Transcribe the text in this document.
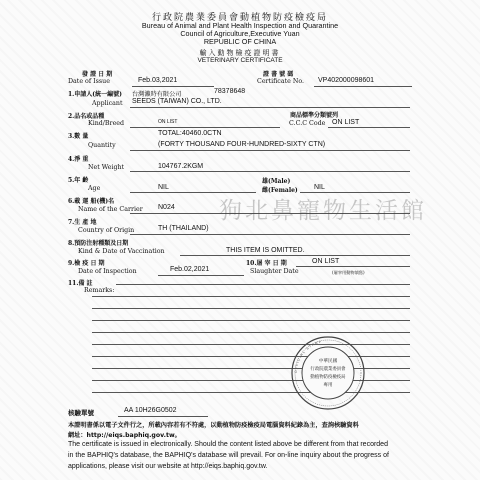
行政院農業委員會動植物防疫檢疫局
Bureau of Animal and Plant Health Inspection and Quarantine
Council of Agriculture,Executive Yuan
REPUBLIC OF CHINA
輸入動物檢疫證明書
VETERINARY CERTIFICATE
發 證 日 期
Date of Issue	Feb.03,2021
證 書 號 碼
Certificate No. VP402000098601
1.申請人(統一編號) 台灣瀨時有限公司	78378648
Applicant SEEDS (TAIWAN) CO., LTD.
2.品名或品種
Kind/Breed	ON LIST
商品標準分類號列
C.C.C Code ON LIST
3.數 量	TOTAL:40460.0CTN
Quantity	(FORTY THOUSAND FOUR-HUNDRED-SIXTY CTN)
4.淨 重
Net Weight	104767.2KGM
5.年 齡
Age	NIL
雄(Male)
雌(Female) NIL
6.載 運 船(機)名
Name of the Carrier N024
7.生 產 地
Country of Origin	TH (THAILAND)
8.預防注射種類及日期
Kind & Date of Vaccination	THIS ITEM IS OMITTED.
9.檢 疫 日 期
Date of Inspection	Feb.02,2021
10.屠 宰 日 期
Slaughter Date
ON LIST
(屠宰用動物填寫)
11.備 註
Remarks:
狗北鼻寵物生活館
OFFICIAL STAMP
中華民國
行政院農業委員會
動植物防疫檢疫局
專用
核驗單號	AA 10H26G0502
本證明書係以電子文件行之，所載內容若有不符處，以動植物防疫檢疫局電腦資料紀錄為主，查詢核驗資料
網址：http://eiqs.baphiq.gov.tw。
The certificate is issued in electronically. Should the content listed above be different from that recorded
in the BAPHIQ's database, the BAPHIQ's database will prevail. For on-line inquiry about the progress of
applications, please visit our website at http://eiqs.baphiq.gov.tw.
